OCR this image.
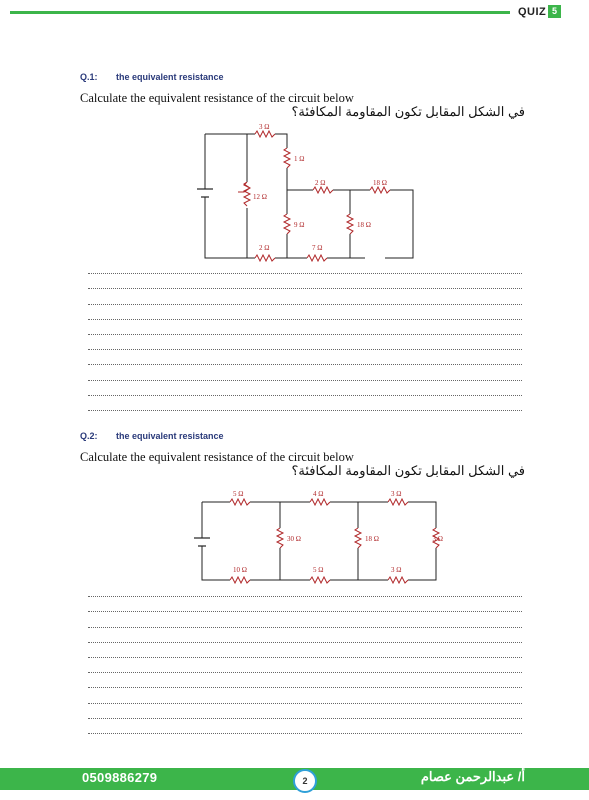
QUIZ 5
Q.1: the equivalent resistance
Calculate the equivalent resistance of the circuit below
في الشكل المقابل تكون المقاومة المكافئة؟
3 Ω
1 Ω
12 Ω
2 Ω	18 Ω
9 Ω	18 Ω
2 Ω	7 Ω
Q.2: the equivalent resistance
Calculate the equivalent resistance of the circuit below
في الشكل المقابل تكون المقاومة المكافئة؟
5 Ω	4 Ω	3 Ω
30 Ω	18 Ω	3 Ω
10 Ω	5 Ω	3 Ω
0509886279	2	أ/ عبدالرحمن عصام
